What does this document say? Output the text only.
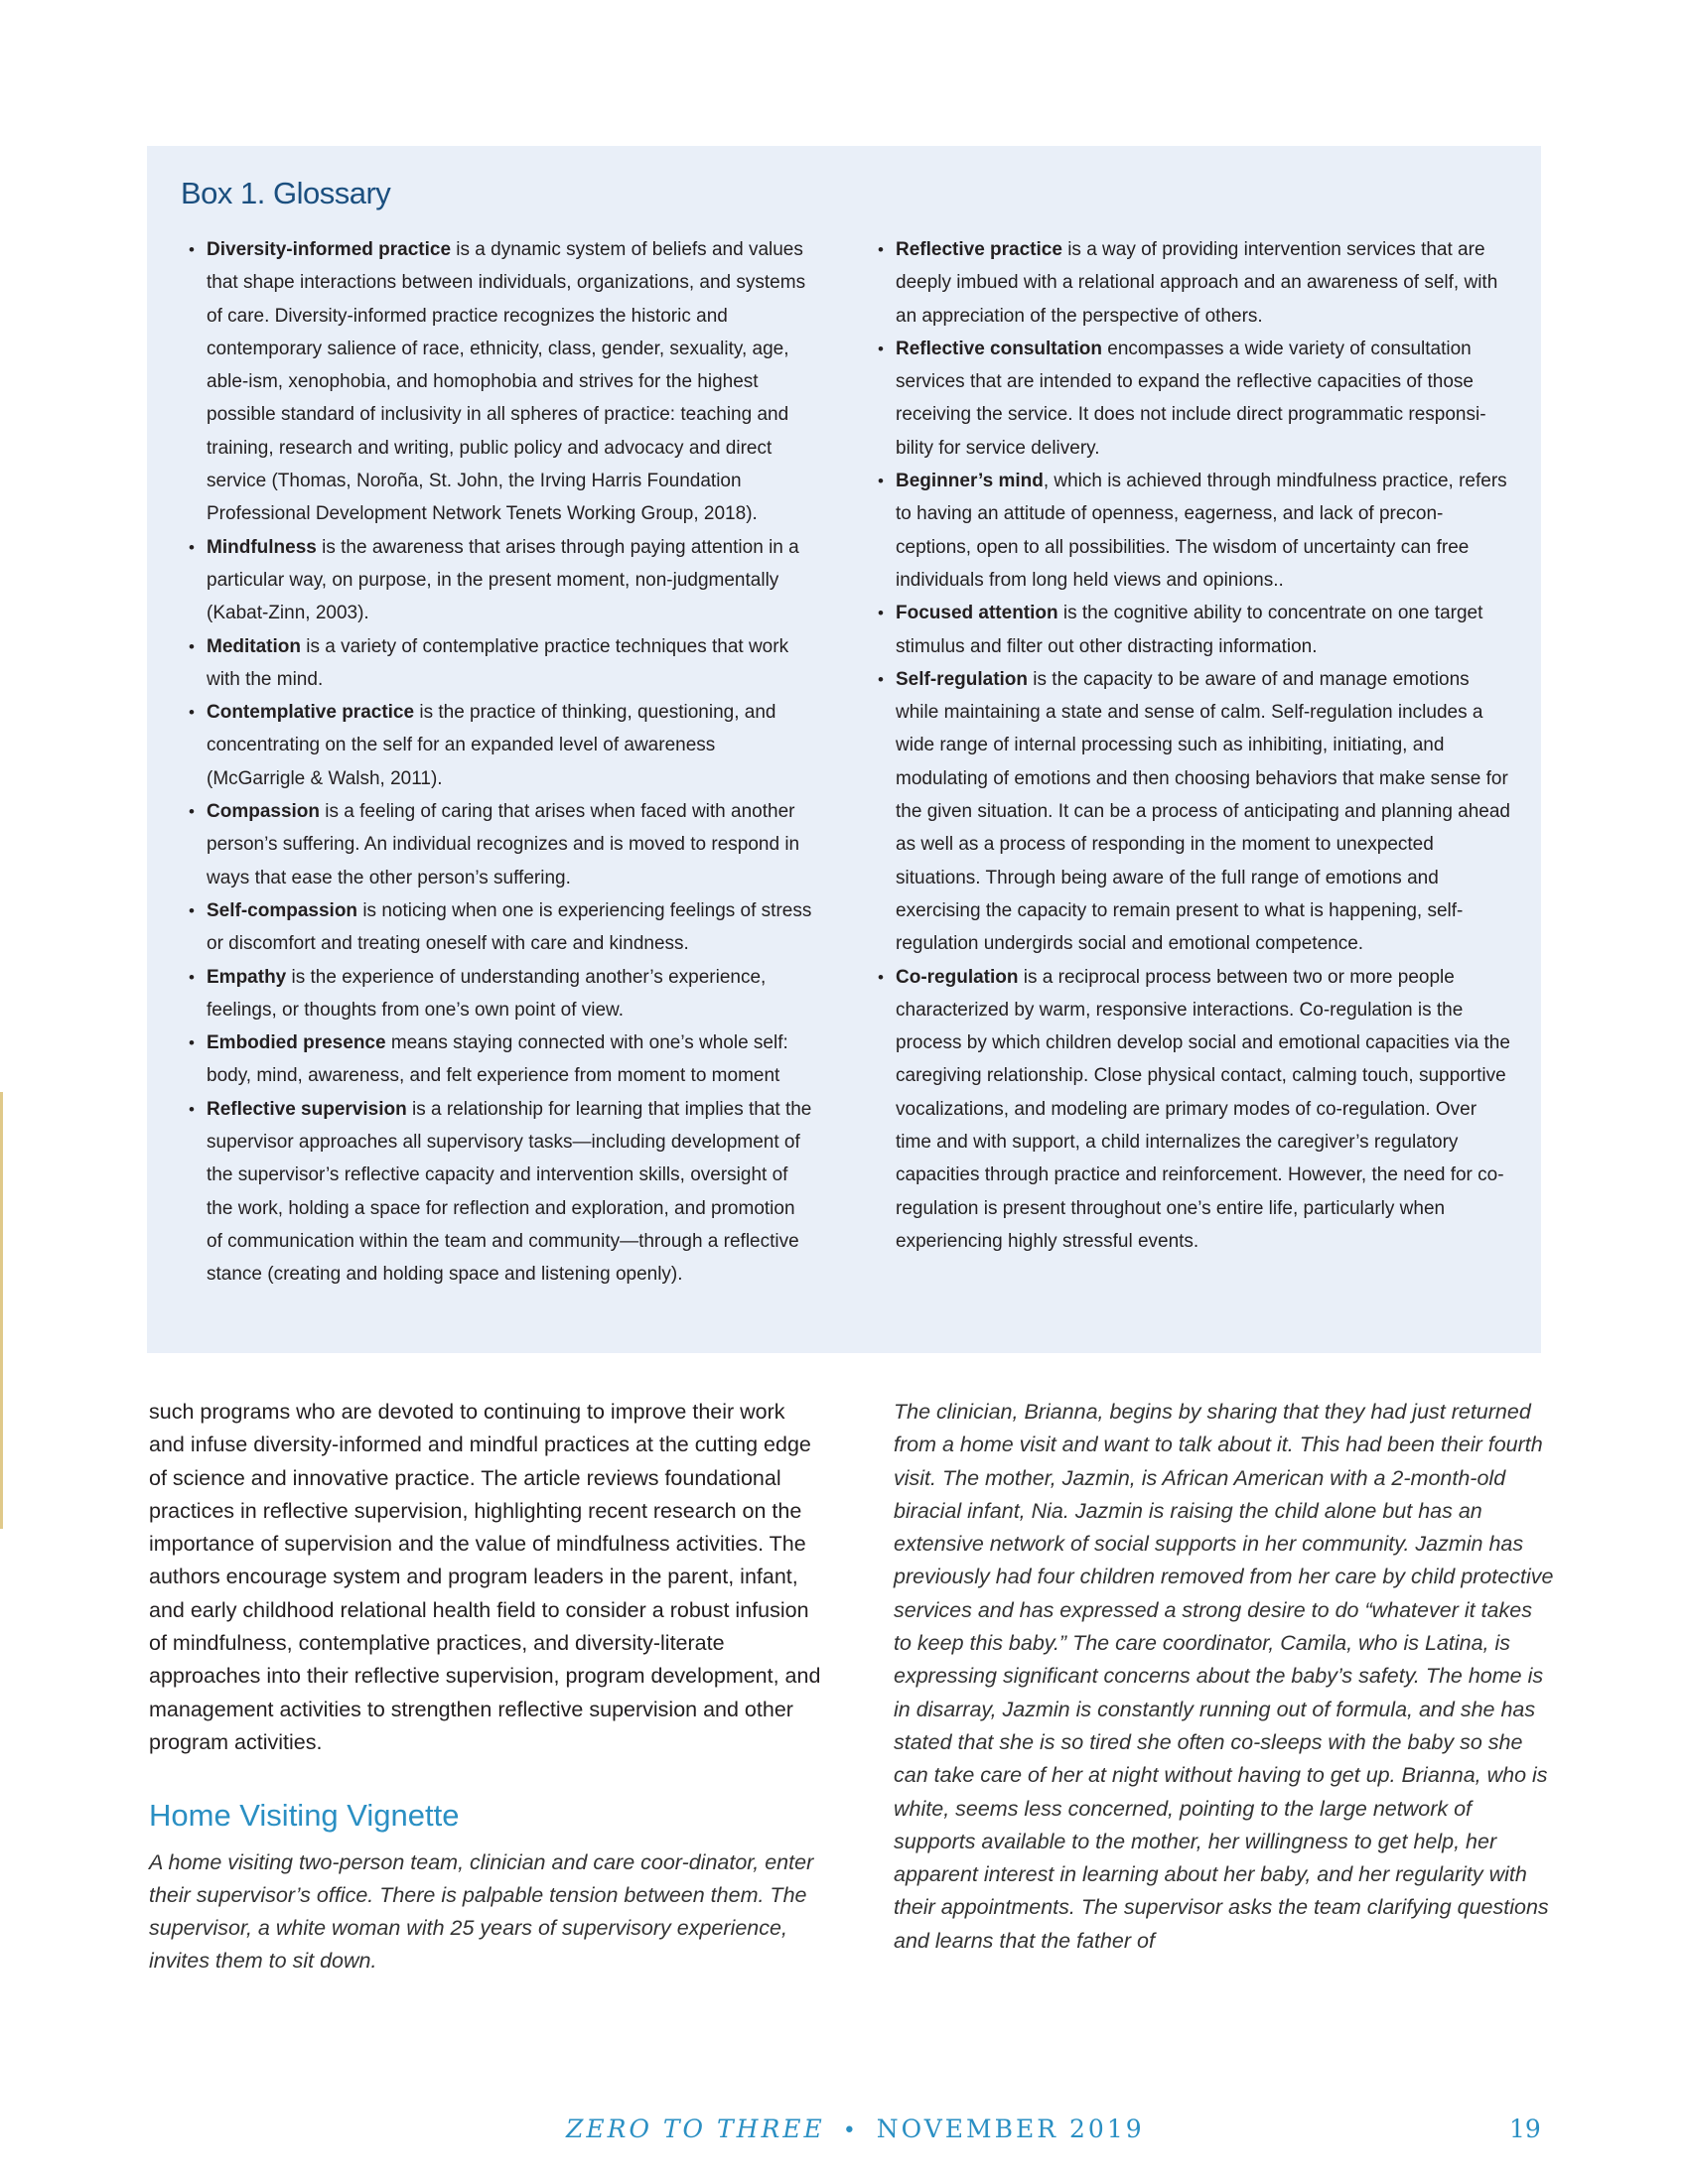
Box 1. Glossary
• Diversity-informed practice is a dynamic system of beliefs and values that shape interactions between individuals, organizations, and systems of care. Diversity-informed practice recognizes the historic and contemporary salience of race, ethnicity, class, gender, sexuality, age, able-ism, xenophobia, and homophobia and strives for the highest possible standard of inclusivity in all spheres of practice: teaching and training, research and writing, public policy and advocacy and direct service (Thomas, Noroña, St. John, the Irving Harris Foundation Professional Development Network Tenets Working Group, 2018).
• Mindfulness is the awareness that arises through paying attention in a particular way, on purpose, in the present moment, non-judgmentally (Kabat-Zinn, 2003).
• Meditation is a variety of contemplative practice techniques that work with the mind.
• Contemplative practice is the practice of thinking, questioning, and concentrating on the self for an expanded level of awareness (McGarrigle & Walsh, 2011).
• Compassion is a feeling of caring that arises when faced with another person’s suffering. An individual recognizes and is moved to respond in ways that ease the other person’s suffering.
• Self-compassion is noticing when one is experiencing feelings of stress or discomfort and treating oneself with care and kindness.
• Empathy is the experience of understanding another’s experience, feelings, or thoughts from one’s own point of view.
• Embodied presence means staying connected with one’s whole self: body, mind, awareness, and felt experience from moment to moment
• Reflective supervision is a relationship for learning that implies that the supervisor approaches all supervisory tasks—including development of the supervisor’s reflective capacity and intervention skills, oversight of the work, holding a space for reflection and exploration, and promotion of communication within the team and community—through a reflective stance (creating and holding space and listening openly).
• Reflective practice is a way of providing intervention services that are deeply imbued with a relational approach and an awareness of self, with an appreciation of the perspective of others.
• Reflective consultation encompasses a wide variety of consultation services that are intended to expand the reflective capacities of those receiving the service. It does not include direct programmatic responsi-bility for service delivery.
• Beginner’s mind, which is achieved through mindfulness practice, refers to having an attitude of openness, eagerness, and lack of precon-ceptions, open to all possibilities. The wisdom of uncertainty can free individuals from long held views and opinions..
• Focused attention is the cognitive ability to concentrate on one target stimulus and filter out other distracting information.
• Self-regulation is the capacity to be aware of and manage emotions while maintaining a state and sense of calm. Self-regulation includes a wide range of internal processing such as inhibiting, initiating, and modulating of emotions and then choosing behaviors that make sense for the given situation. It can be a process of anticipating and planning ahead as well as a process of responding in the moment to unexpected situations. Through being aware of the full range of emotions and exercising the capacity to remain present to what is happening, self-regulation undergirds social and emotional competence.
• Co-regulation is a reciprocal process between two or more people characterized by warm, responsive interactions. Co-regulation is the process by which children develop social and emotional capacities via the caregiving relationship. Close physical contact, calming touch, supportive vocalizations, and modeling are primary modes of co-regulation. Over time and with support, a child internalizes the caregiver’s regulatory capacities through practice and reinforcement. However, the need for co-regulation is present throughout one’s entire life, particularly when experiencing highly stressful events.

such programs who are devoted to continuing to improve their work and infuse diversity-informed and mindful practices at the cutting edge of science and innovative practice. The article reviews foundational practices in reflective supervision, highlighting recent research on the importance of supervision and the value of mindfulness activities. The authors encourage system and program leaders in the parent, infant, and early childhood relational health field to consider a robust infusion of mindfulness, contemplative practices, and diversity-literate approaches into their reflective supervision, program development, and management activities to strengthen reflective supervision and other program activities.

Home Visiting Vignette

A home visiting two-person team, clinician and care coor-dinator, enter their supervisor’s office. There is palpable tension between them. The supervisor, a white woman with 25 years of supervisory experience, invites them to sit down.

The clinician, Brianna, begins by sharing that they had just returned from a home visit and want to talk about it. This had been their fourth visit. The mother, Jazmin, is African American with a 2-month-old biracial infant, Nia. Jazmin is raising the child alone but has an extensive network of social supports in her community. Jazmin has previously had four children removed from her care by child protective services and has expressed a strong desire to do “whatever it takes to keep this baby.” The care coordinator, Camila, who is Latina, is expressing significant concerns about the baby’s safety. The home is in disarray, Jazmin is constantly running out of formula, and she has stated that she is so tired she often co-sleeps with the baby so she can take care of her at night without having to get up. Brianna, who is white, seems less concerned, pointing to the large network of supports available to the mother, her willingness to get help, her apparent interest in learning about her baby, and her regularity with their appointments. The supervisor asks the team clarifying questions and learns that the father of

ZERO TO THREE • NOVEMBER 2019	19
